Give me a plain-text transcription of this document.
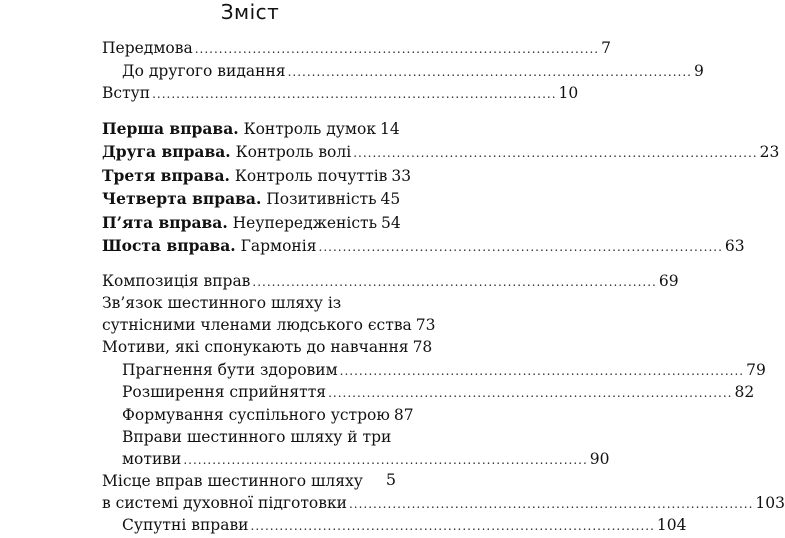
Зміст
Передмова .................................................................................... 7
До другого видання .................................................................................... 9
Вступ .................................................................................... 10
Перша вправа. Контроль думок 14
Друга вправа. Контроль волі .................................................................................... 23
Третя вправа. Контроль почуттів 33
Четверта вправа. Позитивність 45
П’ята вправа. Неупередженість 54
Шоста вправа. Гармонія .................................................................................... 63
Композиція вправ .................................................................................... 69
Зв’язок шестинного шляху із
сутнісними членами людського єства 73
Мотиви, які спонукають до навчання 78
Прагнення бути здоровим .................................................................................... 79
Розширення сприйняття .................................................................................... 82
Формування суспільного устрою 87
Вправи шестинного шляху й три
мотиви .................................................................................... 90
Місце вправ шестинного шляху
в системі духовної підготовки .................................................................................... 103
Супутні вправи .................................................................................... 104
5
